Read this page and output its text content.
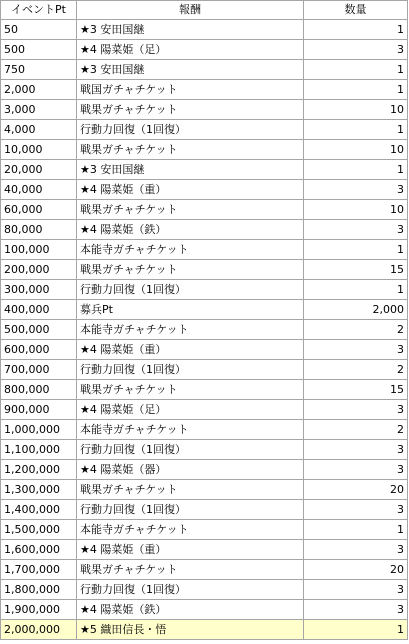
イベントPt	報酬	数量
50	★3 安田国継	1
500	★4 陽菜姫（足）	3
750	★3 安田国継	1
2,000	戦国ガチャチケット	1
3,000	戦果ガチャチケット	10
4,000	行動力回復（1回復）	1
10,000	戦果ガチャチケット	10
20,000	★3 安田国継	1
40,000	★4 陽菜姫（重）	3
60,000	戦果ガチャチケット	10
80,000	★4 陽菜姫（鉄）	3
100,000	本能寺ガチャチケット	1
200,000	戦果ガチャチケット	15
300,000	行動力回復（1回復）	1
400,000	募兵Pt	2,000
500,000	本能寺ガチャチケット	2
600,000	★4 陽菜姫（重）	3
700,000	行動力回復（1回復）	2
800,000	戦果ガチャチケット	15
900,000	★4 陽菜姫（足）	3
1,000,000	本能寺ガチャチケット	2
1,100,000	行動力回復（1回復）	3
1,200,000	★4 陽菜姫（器）	3
1,300,000	戦果ガチャチケット	20
1,400,000	行動力回復（1回復）	3
1,500,000	本能寺ガチャチケット	1
1,600,000	★4 陽菜姫（重）	3
1,700,000	戦果ガチャチケット	20
1,800,000	行動力回復（1回復）	3
1,900,000	★4 陽菜姫（鉄）	3
2,000,000	★5 織田信長・悟	1
